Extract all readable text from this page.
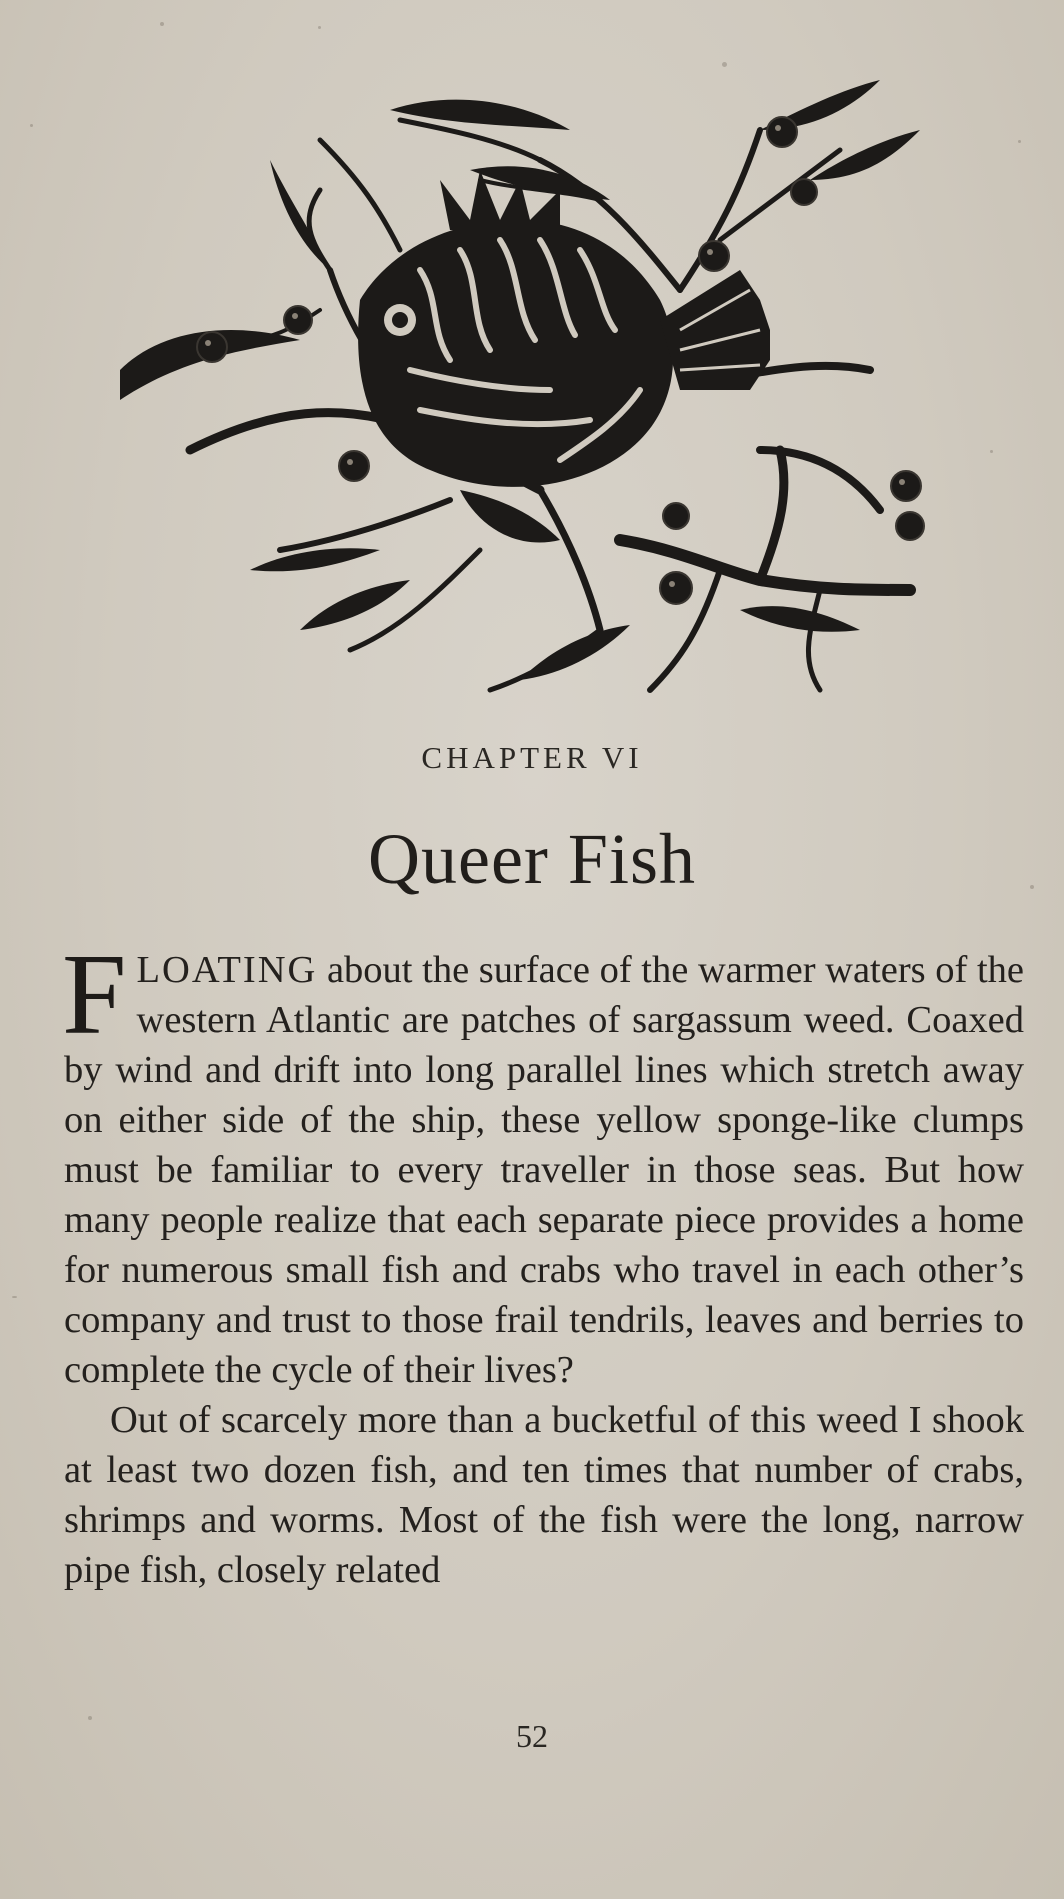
CHAPTER VI
Queer Fish

FLOATING about the surface of the warmer waters of the western Atlantic are patches of sargassum weed. Coaxed by wind and drift into long parallel lines which stretch away on either side of the ship, these yellow sponge-like clumps must be familiar to every traveller in those seas. But how many people realize that each separate piece provides a home for numerous small fish and crabs who travel in each other’s company and trust to those frail tendrils, leaves and berries to complete the cycle of their lives?

Out of scarcely more than a bucketful of this weed I shook at least two dozen fish, and ten times that number of crabs, shrimps and worms. Most of the fish were the long, narrow pipe fish, closely related

52
